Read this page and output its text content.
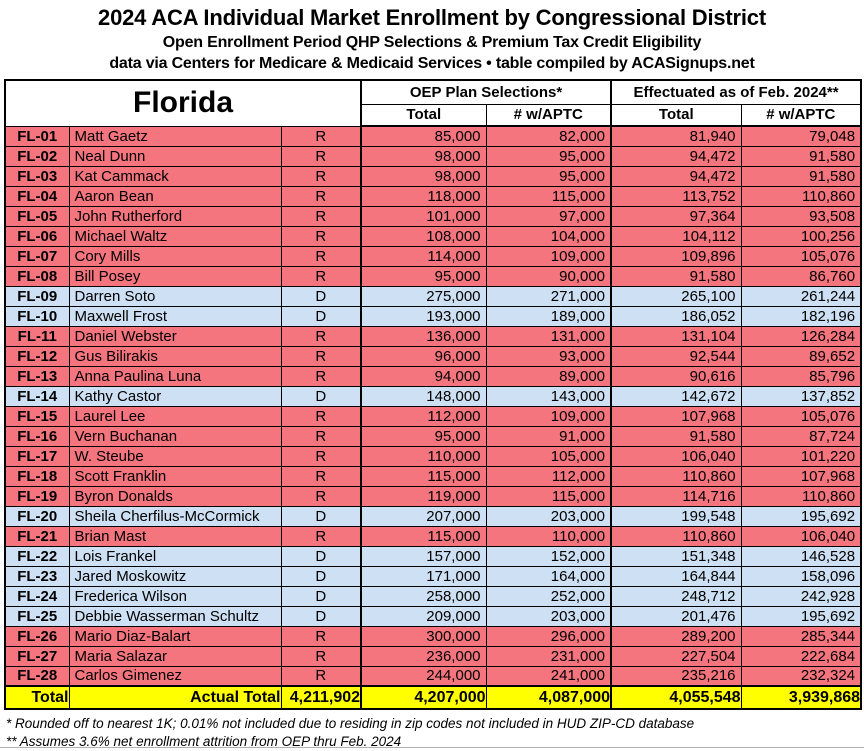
2024 ACA Individual Market Enrollment by Congressional District
Open Enrollment Period QHP Selections & Premium Tax Credit Eligibility
data via Centers for Medicare & Medicaid Services • table compiled by ACASignups.net
Florida			OEP Plan Selections*		Effectuated as of Feb. 2024**	
			Total	# w/APTC	Total	# w/APTC
FL-01	Matt Gaetz	R	85,000	82,000	81,940	79,048
FL-02	Neal Dunn	R	98,000	95,000	94,472	91,580
FL-03	Kat Cammack	R	98,000	95,000	94,472	91,580
FL-04	Aaron Bean	R	118,000	115,000	113,752	110,860
FL-05	John Rutherford	R	101,000	97,000	97,364	93,508
FL-06	Michael Waltz	R	108,000	104,000	104,112	100,256
FL-07	Cory Mills	R	114,000	109,000	109,896	105,076
FL-08	Bill Posey	R	95,000	90,000	91,580	86,760
FL-09	Darren Soto	D	275,000	271,000	265,100	261,244
FL-10	Maxwell Frost	D	193,000	189,000	186,052	182,196
FL-11	Daniel Webster	R	136,000	131,000	131,104	126,284
FL-12	Gus Bilirakis	R	96,000	93,000	92,544	89,652
FL-13	Anna Paulina Luna	R	94,000	89,000	90,616	85,796
FL-14	Kathy Castor	D	148,000	143,000	142,672	137,852
FL-15	Laurel Lee	R	112,000	109,000	107,968	105,076
FL-16	Vern Buchanan	R	95,000	91,000	91,580	87,724
FL-17	W. Steube	R	110,000	105,000	106,040	101,220
FL-18	Scott Franklin	R	115,000	112,000	110,860	107,968
FL-19	Byron Donalds	R	119,000	115,000	114,716	110,860
FL-20	Sheila Cherfilus-McCormick	D	207,000	203,000	199,548	195,692
FL-21	Brian Mast	R	115,000	110,000	110,860	106,040
FL-22	Lois Frankel	D	157,000	152,000	151,348	146,528
FL-23	Jared Moskowitz	D	171,000	164,000	164,844	158,096
FL-24	Frederica Wilson	D	258,000	252,000	248,712	242,928
FL-25	Debbie Wasserman Schultz	D	209,000	203,000	201,476	195,692
FL-26	Mario Diaz-Balart	R	300,000	296,000	289,200	285,344
FL-27	Maria Salazar	R	236,000	231,000	227,504	222,684
FL-28	Carlos Gimenez	R	244,000	241,000	235,216	232,324
Total	Actual Total	4,211,902	4,207,000	4,087,000	4,055,548	3,939,868
* Rounded off to nearest 1K; 0.01% not included due to residing in zip codes not included in HUD ZIP-CD database
** Assumes 3.6% net enrollment attrition from OEP thru Feb. 2024
